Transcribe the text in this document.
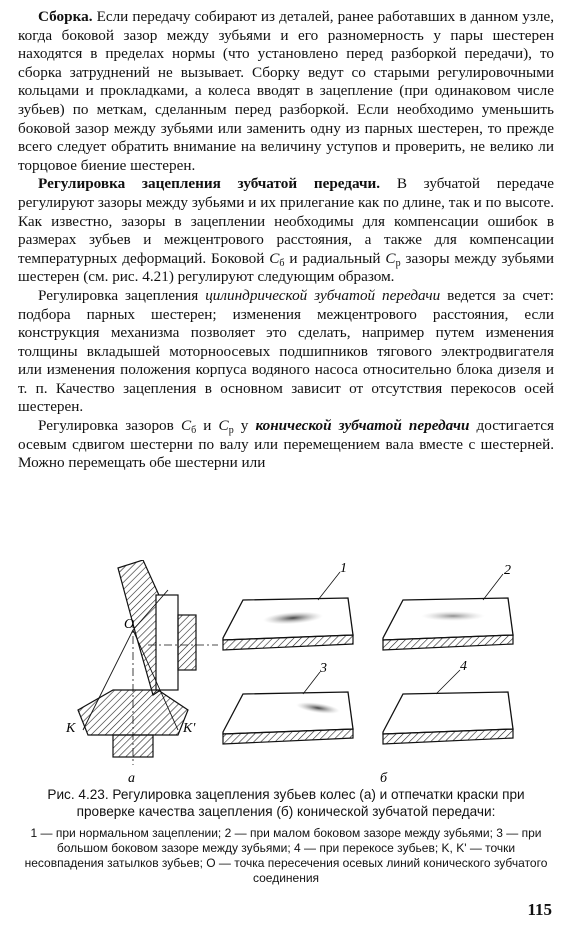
Сборка. Если передачу собирают из деталей, ранее работавших в данном узле, когда боковой зазор между зубьями и его разномерность у пары шестерен находятся в пределах нормы (что установлено перед разборкой передачи), то сборка затруднений не вызывает. Сборку ведут со старыми регулировочными кольцами и прокладками, а колеса вводят в зацепление (при одинаковом числе зубьев) по меткам, сделанным перед разборкой. Если необходимо уменьшить боковой зазор между зубьями или заменить одну из парных шестерен, то прежде всего следует обратить внимание на величину уступов и проверить, не велико ли торцовое биение шестерен.

Регулировка зацепления зубчатой передачи. В зубчатой передаче регулируют зазоры между зубьями и их прилегание как по длине, так и по высоте. Как известно, зазоры в зацеплении необходимы для компенсации ошибок в размерах зубьев и межцентрового расстояния, а также для компенсации температурных деформаций. Боковой $C_б$ и радиальный $C_р$ зазоры между зубьями шестерен (см. рис. 4.21) регулируют следующим образом.

Регулировка зацепления цилиндрической зубчатой передачи ведется за счет: подбора парных шестерен; изменения межцентрового расстояния, если конструкция механизма позволяет это сделать, например путем изменения толщины вкладышей моторноосевых подшипников тягового электродвигателя или изменения положения корпуса водяного насоса относительно блока дизеля и т. п. Качество зацепления в основном зависит от отсутствия перекосов осей шестерен.

Регулировка зазоров $C_б$ и $C_р$ у конической зубчатой передачи достигается осевым сдвигом шестерни по валу или перемещением вала вместе с шестерней. Можно перемещать обе шестерни или

O
K	K'
а
1	2
3	4
б
Рис. 4.23. Регулировка зацепления зубьев колес (а) и отпечатки краски при проверке качества зацепления (б) конической зубчатой передачи:
1 — при нормальном зацеплении; 2 — при малом боковом зазоре между зубьями; 3 — при большом боковом зазоре между зубьями; 4 — при перекосе зубьев; K, K' — точки несовпадения затылков зубьев; O — точка пересечения осевых линий конического зубчатого соединения
115
